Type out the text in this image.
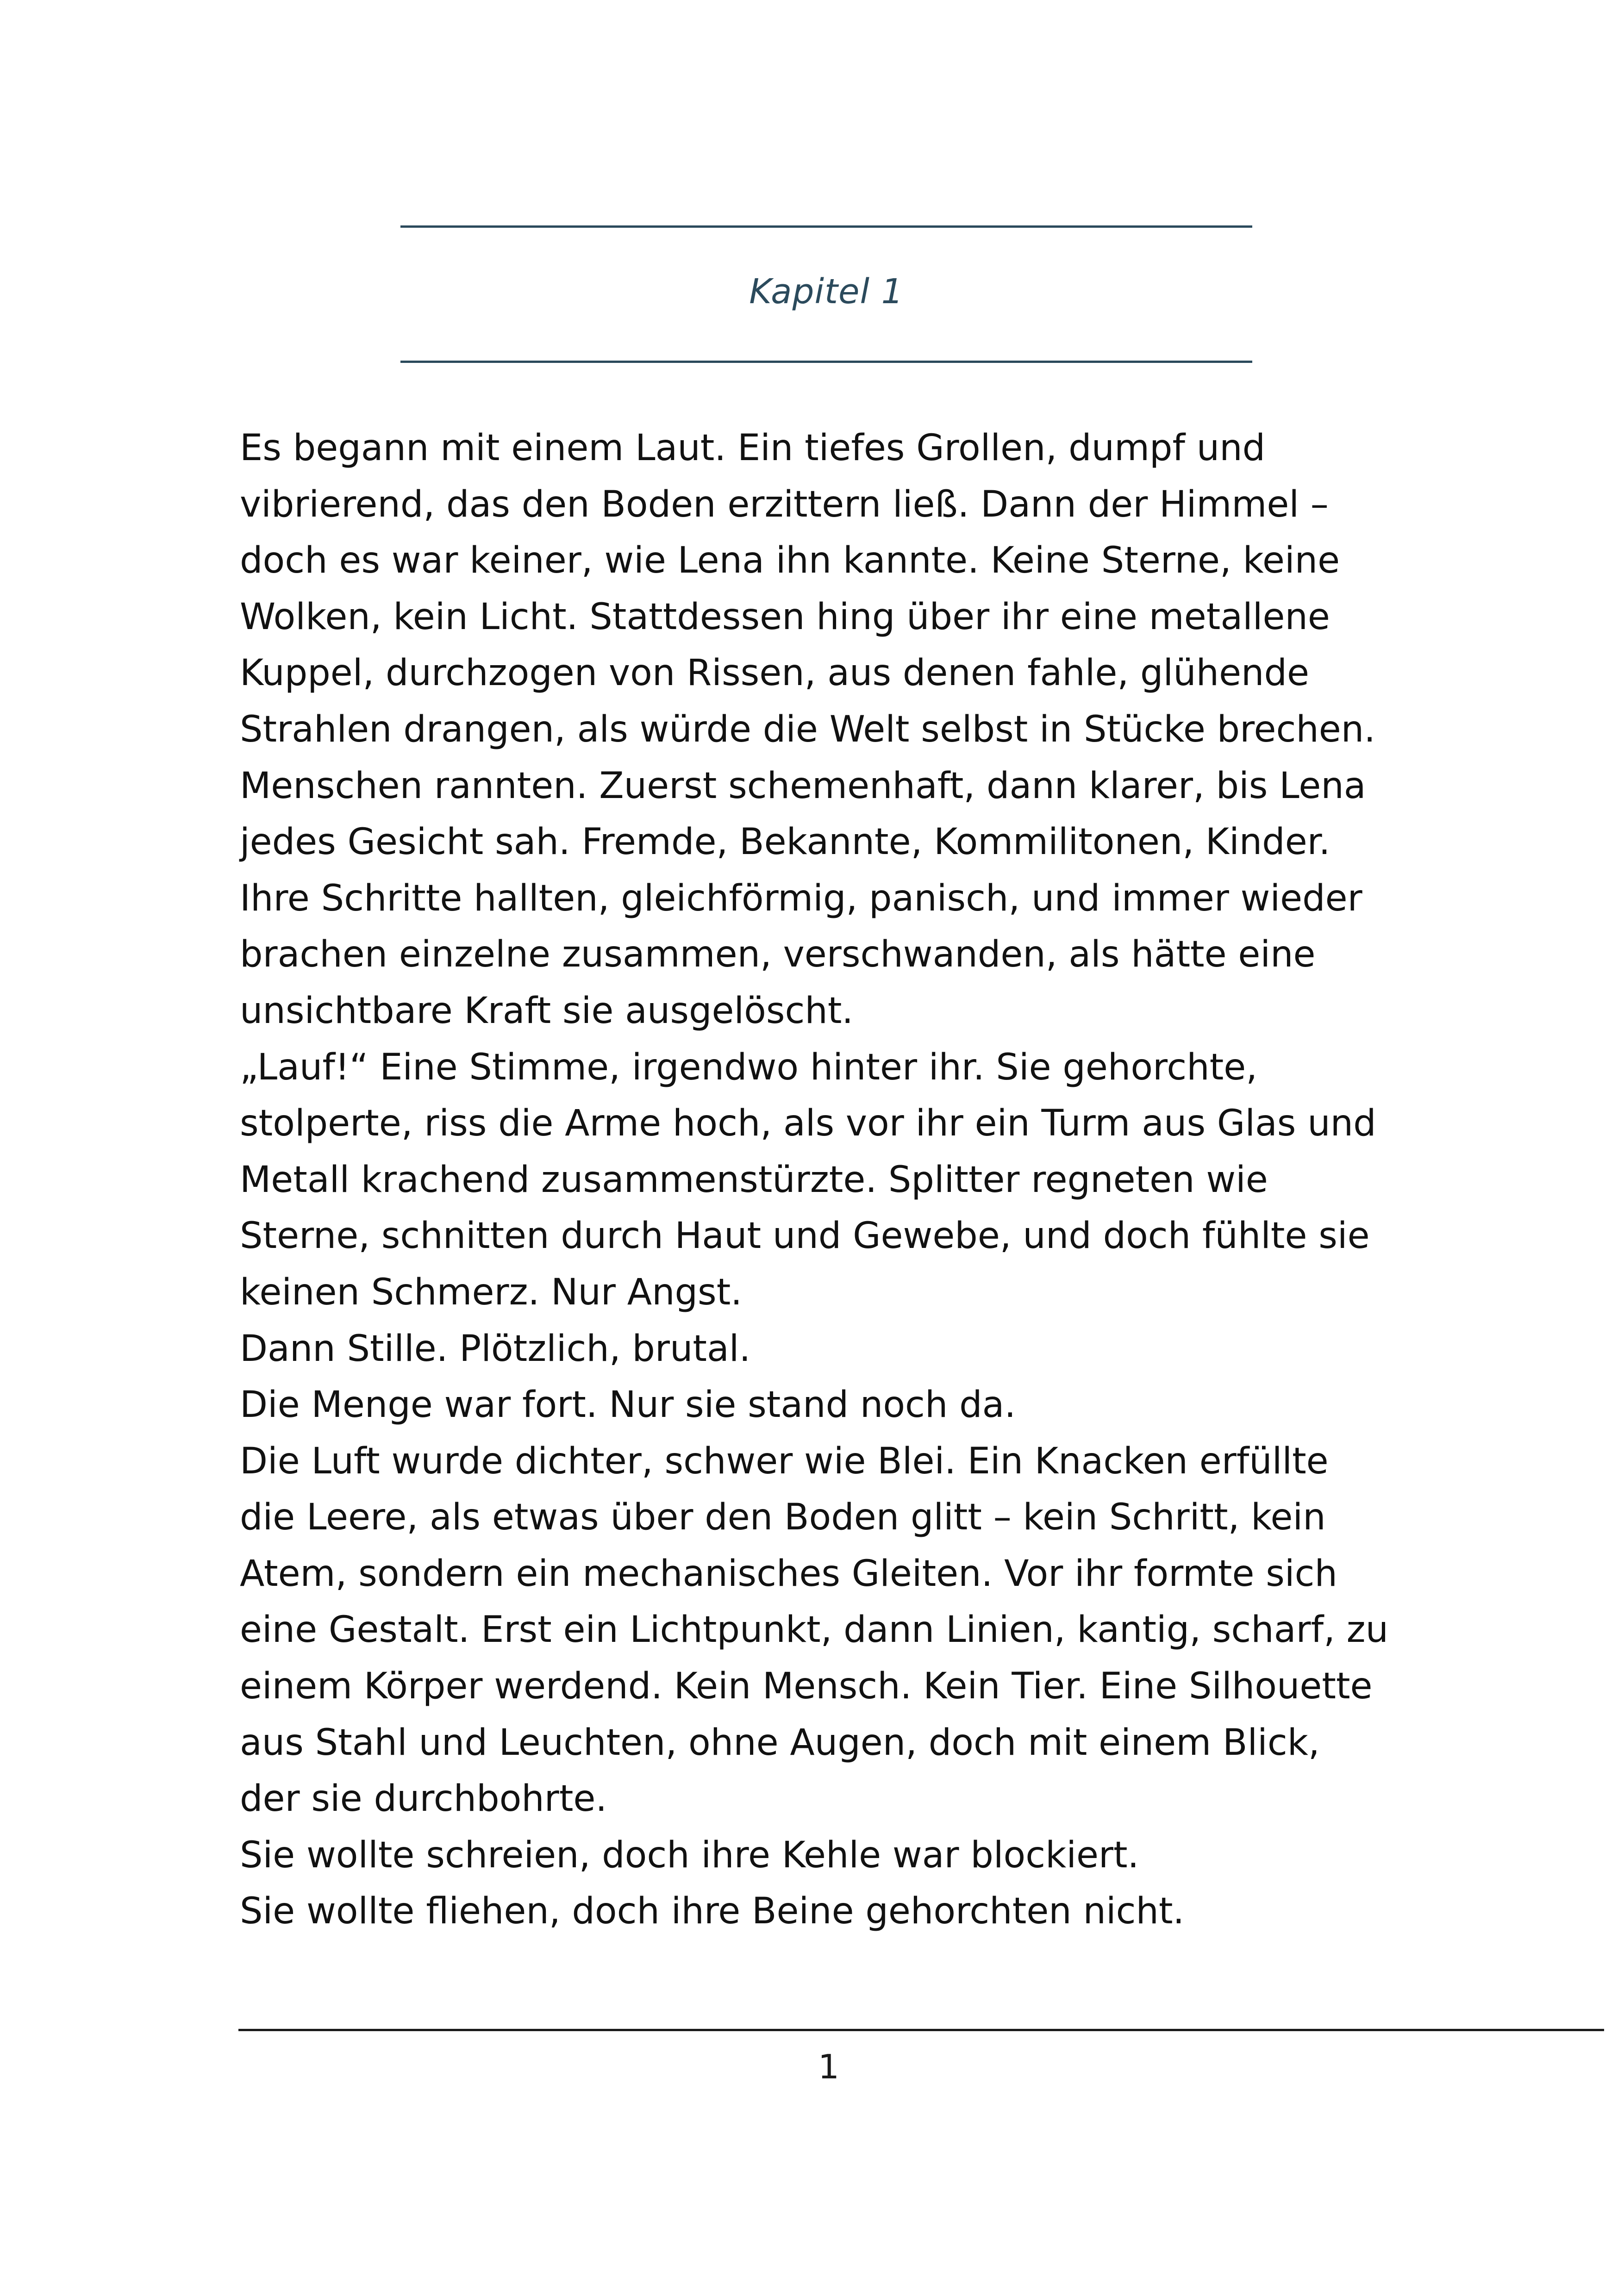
Kapitel 1
Es begann mit einem Laut. Ein tiefes Grollen, dumpf und
vibrierend, das den Boden erzittern ließ. Dann der Himmel –
doch es war keiner, wie Lena ihn kannte. Keine Sterne, keine
Wolken, kein Licht. Stattdessen hing über ihr eine metallene
Kuppel, durchzogen von Rissen, aus denen fahle, glühende
Strahlen drangen, als würde die Welt selbst in Stücke brechen.
Menschen rannten. Zuerst schemenhaft, dann klarer, bis Lena
jedes Gesicht sah. Fremde, Bekannte, Kommilitonen, Kinder.
Ihre Schritte hallten, gleichförmig, panisch, und immer wieder
brachen einzelne zusammen, verschwanden, als hätte eine
unsichtbare Kraft sie ausgelöscht.
„Lauf!“ Eine Stimme, irgendwo hinter ihr. Sie gehorchte,
stolperte, riss die Arme hoch, als vor ihr ein Turm aus Glas und
Metall krachend zusammenstürzte. Splitter regneten wie
Sterne, schnitten durch Haut und Gewebe, und doch fühlte sie
keinen Schmerz. Nur Angst.
Dann Stille. Plötzlich, brutal.
Die Menge war fort. Nur sie stand noch da.
Die Luft wurde dichter, schwer wie Blei. Ein Knacken erfüllte
die Leere, als etwas über den Boden glitt – kein Schritt, kein
Atem, sondern ein mechanisches Gleiten. Vor ihr formte sich
eine Gestalt. Erst ein Lichtpunkt, dann Linien, kantig, scharf, zu
einem Körper werdend. Kein Mensch. Kein Tier. Eine Silhouette
aus Stahl und Leuchten, ohne Augen, doch mit einem Blick,
der sie durchbohrte.
Sie wollte schreien, doch ihre Kehle war blockiert.
Sie wollte fliehen, doch ihre Beine gehorchten nicht.
1
